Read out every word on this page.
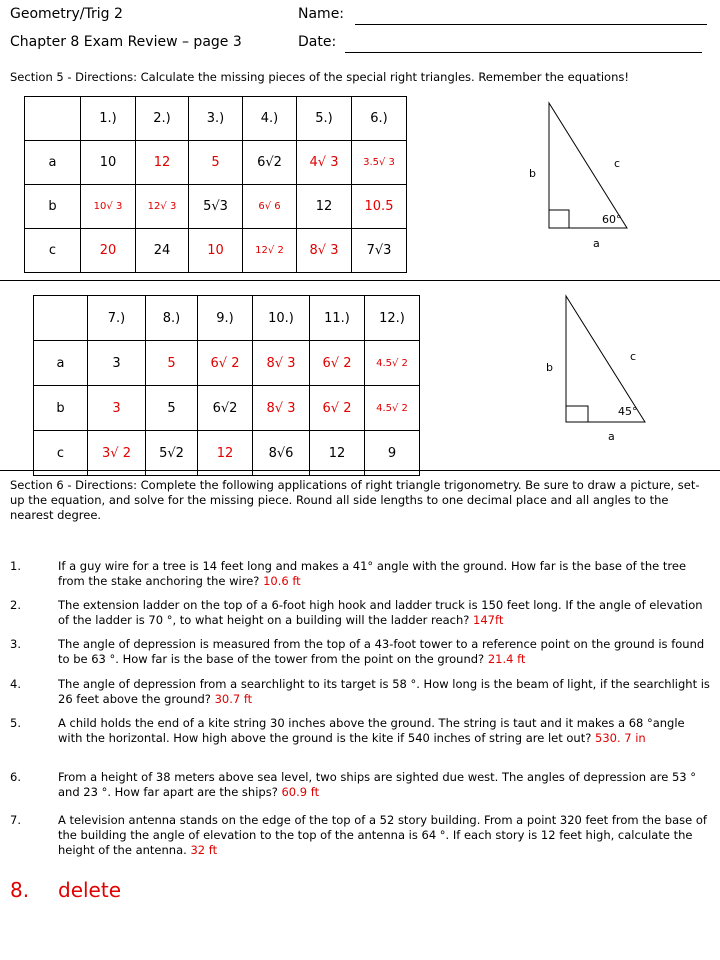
Geometry/Trig 2	Name:
Chapter 8 Exam Review – page 3	Date:
Section 5 - Directions: Calculate the missing pieces of the special right triangles. Remember the equations!
	1.)	2.)	3.)	4.)	5.)	6.)
a	10	12	5	6√2	4√ 3	3.5√ 3
b	10√ 3	12√ 3	5√3	6√ 6	12	10.5
c	20	24	10	12√ 2	8√ 3	7√3
b
c
60°
a
	7.)	8.)	9.)	10.)	11.)	12.)
a	3	5	6√ 2	8√ 3	6√ 2	4.5√ 2
b	3	5	6√2	8√ 3	6√ 2	4.5√ 2
c	3√ 2	5√2	12	8√6	12	9
b
c
45°
a
Section 6 - Directions: Complete the following applications of right triangle trigonometry. Be sure to draw a picture, set-up the equation, and solve for the missing piece. Round all side lengths to one decimal place and all angles to the nearest degree.
1.	If a guy wire for a tree is 14 feet long and makes a 41° angle with the ground. How far is the base of the tree from the stake anchoring the wire? 10.6 ft
2.	The extension ladder on the top of a 6-foot high hook and ladder truck is 150 feet long. If the angle of elevation of the ladder is 70 °, to what height on a building will the ladder reach? 147ft
3.	The angle of depression is measured from the top of a 43-foot tower to a reference point on the ground is found to be 63 °. How far is the base of the tower from the point on the ground? 21.4 ft
4.	The angle of depression from a searchlight to its target is 58 °. How long is the beam of light, if the searchlight is 26 feet above the ground? 30.7 ft
5.	A child holds the end of a kite string 30 inches above the ground. The string is taut and it makes a 68 °angle with the horizontal. How high above the ground is the kite if 540 inches of string are let out? 530. 7 in
6.	From a height of 38 meters above sea level, two ships are sighted due west. The angles of depression are 53 ° and 23 °. How far apart are the ships? 60.9 ft
7.	A television antenna stands on the edge of the top of a 52 story building. From a point 320 feet from the base of the building the angle of elevation to the top of the antenna is 64 °. If each story is 12 feet high, calculate the height of the antenna. 32 ft
8. delete
